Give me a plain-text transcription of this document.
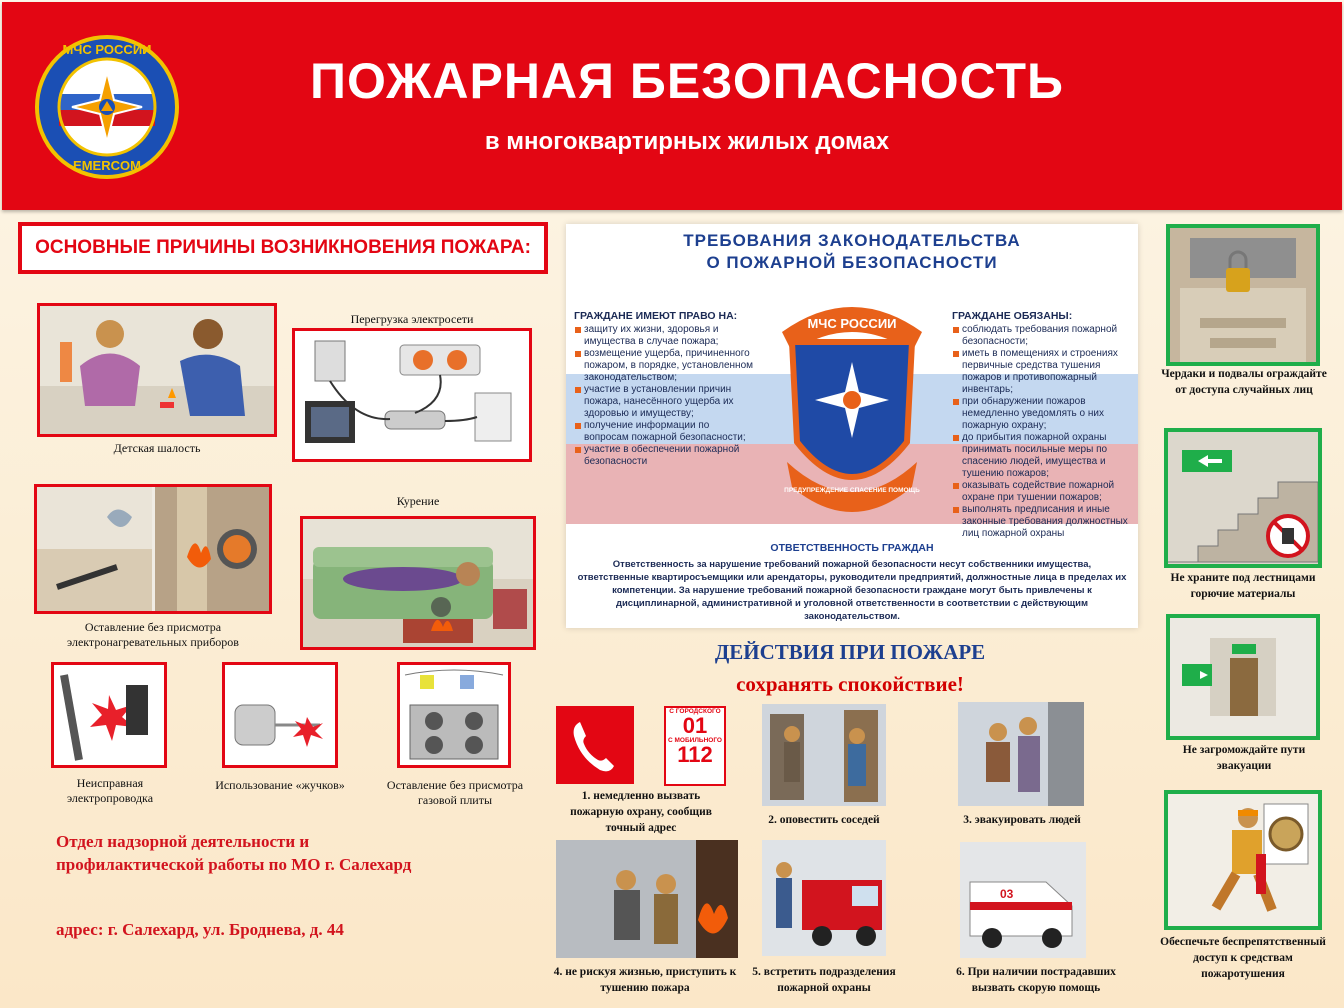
МЧС РОССИИ
EMERCOM
ПОЖАРНАЯ БЕЗОПАСНОСТЬ
в многоквартирных жилых домах
ОСНОВНЫЕ ПРИЧИНЫ ВОЗНИКНОВЕНИЯ ПОЖАРА:
Детская шалость
Перегрузка электросети
Оставление без присмотра электронагревательных приборов
Курение
Неисправная электропроводка
Использование «жучков»	Оставление без присмотра газовой плиты
Отдел надзорной деятельности и
профилактической работы по МО г. Салехард
адрес: г. Салехард, ул. Броднева, д. 44
ТРЕБОВАНИЯ ЗАКОНОДАТЕЛЬСТВА
О ПОЖАРНОЙ БЕЗОПАСНОСТИ
ГРАЖДАНЕ ИМЕЮТ ПРАВО НА:
защиту их жизни, здоровья и имущества в случае пожара;
возмещение ущерба, причиненного пожаром, в порядке, установленном законодательством;
участие в установлении причин пожара, нанесённого ущерба их здоровью и имуществу;
получение информации по вопросам пожарной безопасности;
участие в обеспечении пожарной безопасности
МЧС РОССИИ
ПРЕДУПРЕЖДЕНИЕ СПАСЕНИЕ ПОМОЩЬ
ГРАЖДАНЕ ОБЯЗАНЫ:
соблюдать требования пожарной безопасности;
иметь в помещениях и строениях первичные средства тушения пожаров и противопожарный инвентарь;
при обнаружении пожаров немедленно уведомлять о них пожарную охрану;
до прибытия пожарной охраны принимать посильные меры по спасению людей, имущества и тушению пожаров;
оказывать содействие пожарной охране при тушении пожаров;
выполнять предписания и иные законные требования должностных лиц пожарной охраны
ОТВЕТСТВЕННОСТЬ ГРАЖДАН
Ответственность за нарушение требований пожарной безопасности несут собственники имущества, ответственные квартиросъемщики или арендаторы, руководители предприятий, должностные лица в пределах их компетенции. За нарушение требований пожарной безопасности граждане могут быть привлечены к дисциплинарной, административной и уголовной ответственности в соответствии с действующим законодательством.
ДЕЙСТВИЯ ПРИ ПОЖАРЕ
сохранять спокойствие!
С ГОРОДСКОГО
01
С МОБИЛЬНОГО
112
1. немедленно вызвать пожарную охрану, сообщив точный адрес
2. оповестить соседей	3. эвакуировать людей
4. не рискуя жизнью, приступить к тушению пожара
5. встретить подразделения пожарной охраны
03
6. При наличии пострадавших вызвать скорую помощь
Чердаки и подвалы ограждайте от доступа случайных лиц
Не храните под лестницами горючие материалы
Не загромождайте пути эвакуации
Обеспечьте беспрепятственный доступ к средствам пожаротушения
